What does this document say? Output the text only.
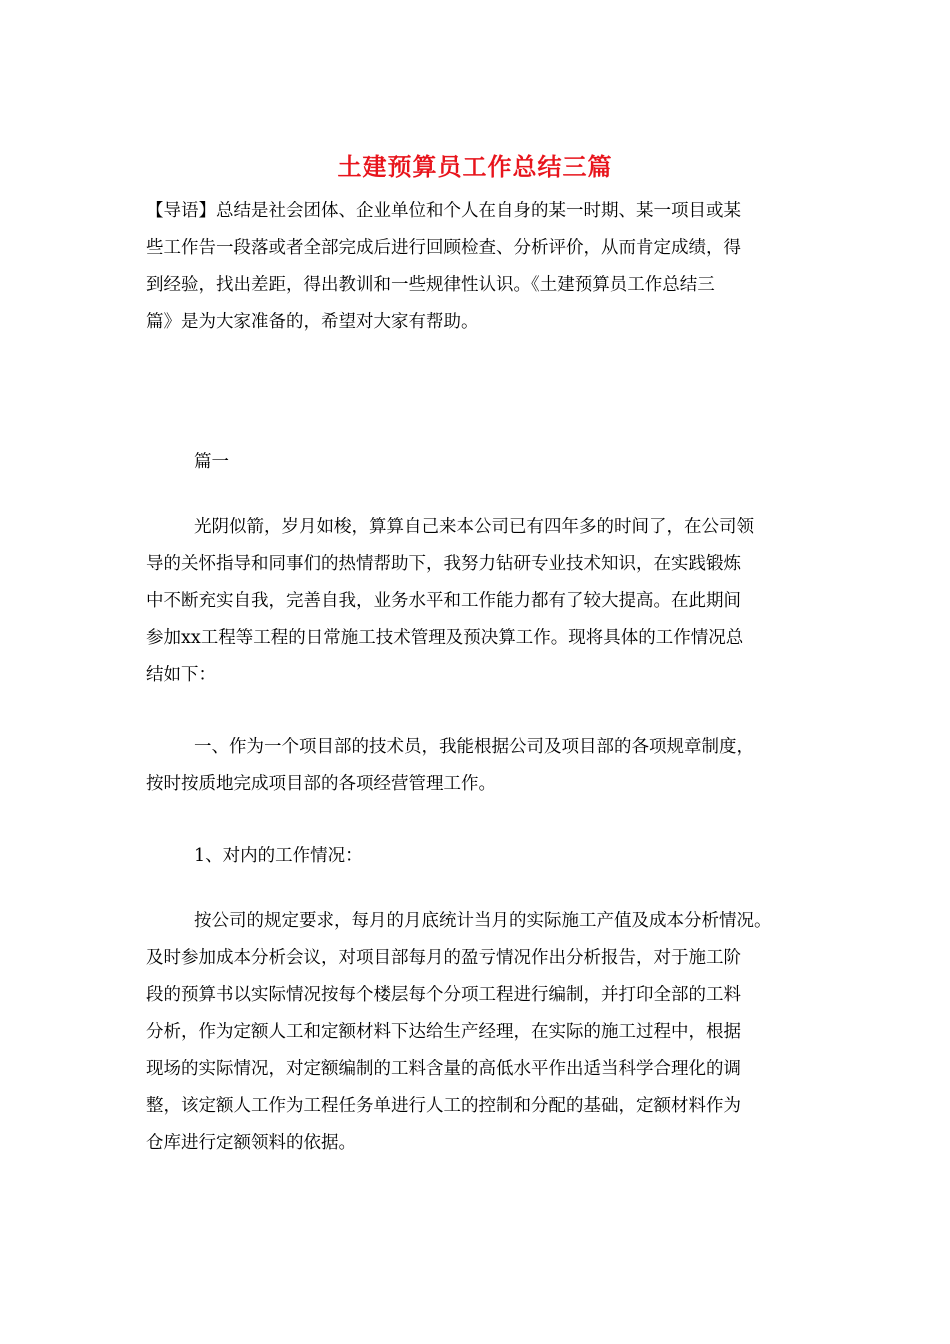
土建预算员工作总结三篇
【导语】总结是社会团体、企业单位和个人在自身的某一时期、某一项目或某
些工作告一段落或者全部完成后进行回顾检查、分析评价，从而肯定成绩，得
到经验，找出差距，得出教训和一些规律性认识。《土建预算员工作总结三
篇》是为大家准备的，希望对大家有帮助。
篇一
光阴似箭，岁月如梭，算算自己来本公司已有四年多的时间了，在公司领
导的关怀指导和同事们的热情帮助下，我努力钻研专业技术知识，在实践锻炼
中不断充实自我，完善自我，业务水平和工作能力都有了较大提高。在此期间
参加xx工程等工程的日常施工技术管理及预决算工作。现将具体的工作情况总
结如下：
一、作为一个项目部的技术员，我能根据公司及项目部的各项规章制度，
按时按质地完成项目部的各项经营管理工作。
1、对内的工作情况：
按公司的规定要求，每月的月底统计当月的实际施工产值及成本分析情况。
及时参加成本分析会议，对项目部每月的盈亏情况作出分析报告，对于施工阶
段的预算书以实际情况按每个楼层每个分项工程进行编制，并打印全部的工料
分析，作为定额人工和定额材料下达给生产经理，在实际的施工过程中，根据
现场的实际情况，对定额编制的工料含量的高低水平作出适当科学合理化的调
整，该定额人工作为工程任务单进行人工的控制和分配的基础，定额材料作为
仓库进行定额领料的依据。
